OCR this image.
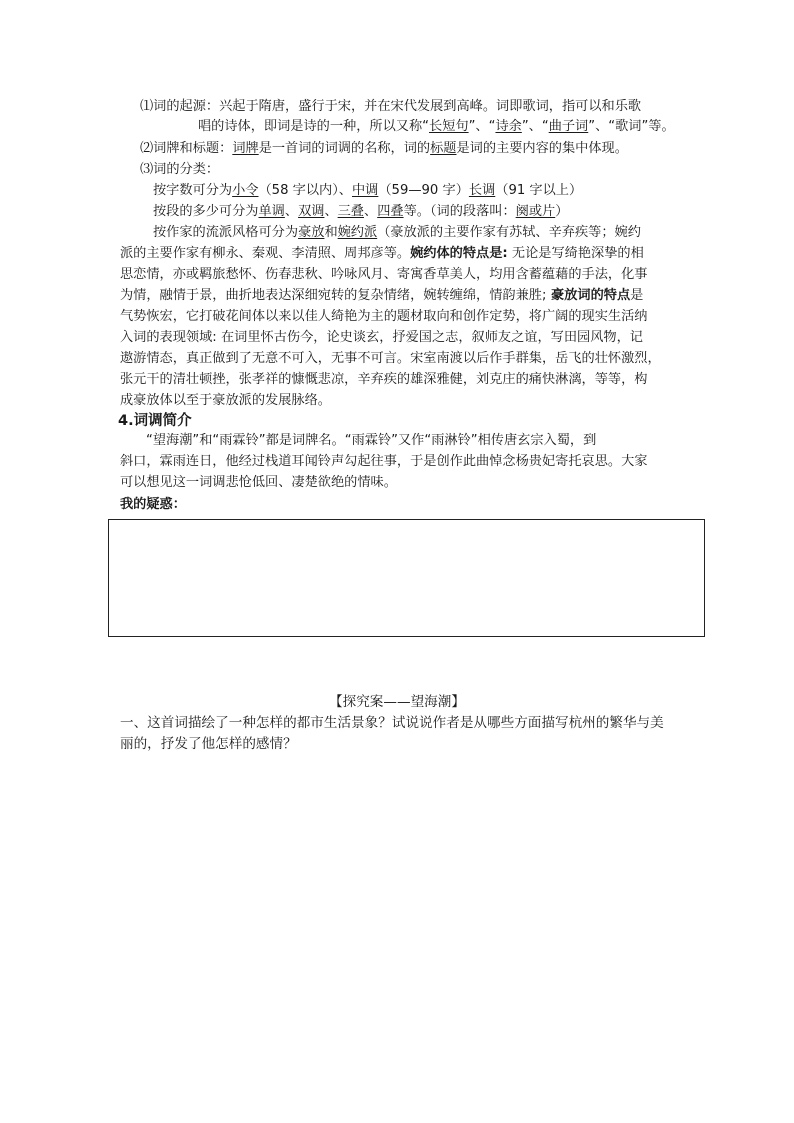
⑴词的起源：兴起于隋唐，盛行于宋，并在宋代发展到高峰。词即歌词，指可以和乐歌
唱的诗体，即词是诗的一种，所以又称“长短句”、“诗余”、“曲子词”、“歌词”等。
⑵词牌和标题：词牌是一首词的词调的名称，词的标题是词的主要内容的集中体现。
⑶词的分类：
按字数可分为小令（58 字以内）、中调（59—90 字）长调（91 字以上）
按段的多少可分为单调、双调、三叠、四叠等。（词的段落叫：阕或片）
按作家的流派风格可分为豪放和婉约派（豪放派的主要作家有苏轼、辛弃疾等；婉约
派的主要作家有柳永、秦观、李清照、周邦彦等。婉约体的特点是: 无论是写绮艳深挚的相
思恋情，亦或羁旅愁怀、伤春悲秋、吟咏风月、寄寓香草美人，均用含蓄蕴藉的手法，化事
为情，融情于景，曲折地表达深细宛转的复杂情绪，婉转缠绵，情韵兼胜; 豪放词的特点是
气势恢宏，它打破花间体以来以佳人绮艳为主的题材取向和创作定势，将广阔的现实生活纳
入词的表现领域: 在词里怀古伤今，论史谈玄，抒爱国之志，叙师友之谊，写田园风物，记
遨游情态，真正做到了无意不可入，无事不可言。宋室南渡以后作手群集，岳飞的壮怀激烈，
张元干的清壮顿挫，张孝祥的慷慨悲凉，辛弃疾的雄深雅健，刘克庄的痛快淋漓，等等，构
成豪放体以至于豪放派的发展脉络。
4.词调简介
“望海潮”和“雨霖铃”都是词牌名。“雨霖铃”又作“雨淋铃”相传唐玄宗入蜀，到
斜口，霖雨连日，他经过栈道耳闻铃声勾起往事，于是创作此曲悼念杨贵妃寄托哀思。大家
可以想见这一词调悲怆低回、凄楚欲绝的情味。
我的疑惑：
【探究案——望海潮】
一、这首词描绘了一种怎样的都市生活景象？试说说作者是从哪些方面描写杭州的繁华与美
丽的，抒发了他怎样的感情？
